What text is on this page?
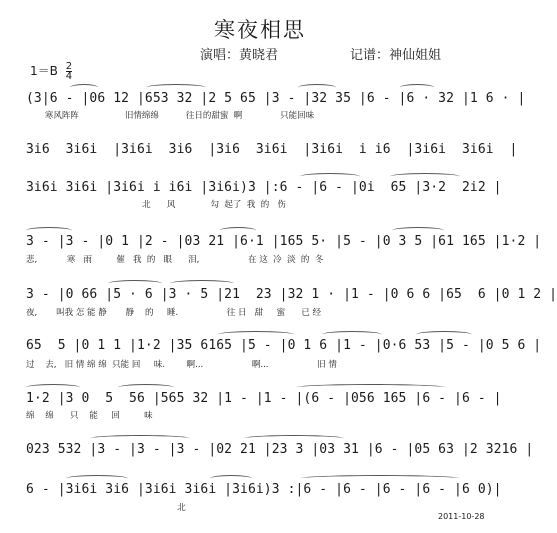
寒夜相思
演唱：黄晓君	记谱：神仙姐姐
$1=B \frac{2}{4}$
(3|6 - |06 12 |653 32 |2 5 65 |3 - |32 35 |6 - |6 · 32 |1 6 · |
寒风阵阵                 旧情绵绵          往日的甜蜜  啊              只能回味
3i6  3i6i  |3i6i  3i6  |3i6  3i6i  |3i6i  i i6  |3i6i  3i6i  |
3i6i 3i6i |3i6i i i6i |3i6i)3 |:6 - |6 - |0i  65 |3·2  2i2 |
北      风             勾  起了  我  的   伤
3 - |3 - |0 1 |2 - |03 21 |6·1 |165 5· |5 - |0 3 5 |61 165 |1·2 |
悲,           寒   雨         催   我  的   眼      泪,                  在 这  冷  淡  的  冬
3 - |0 66 |5 · 6 |3 · 5 |21  23 |32 1 · |1 - |0 6 6 |65  6 |0 1 2 |
夜,       叫我 怎 能 静       静    的     睡.                  往 日   甜     蜜      已 经
65  5 |0 1 1 |1·2 |35 6165 |5 - |0 1 6 |1 - |0·6 53 |5 - |0 5 6 |
过    去,   旧 情 绵 绵  只能 回     味.        啊...                  啊...                  旧 情
1·2 |3 0  5  56 |565 32 |1 - |1 - |(6 - |056 165 |6 - |6 - |
绵    绵      只    能     回         味
023 532 |3 - |3 - |3 - |02 21 |23 3 |03 31 |6 - |05 63 |2 3216 |
6 - |3i6i 3i6 |3i6i 3i6i |3i6i)3 :|6 - |6 - |6 - |6 - |6 0)|
北
2011-10-28
